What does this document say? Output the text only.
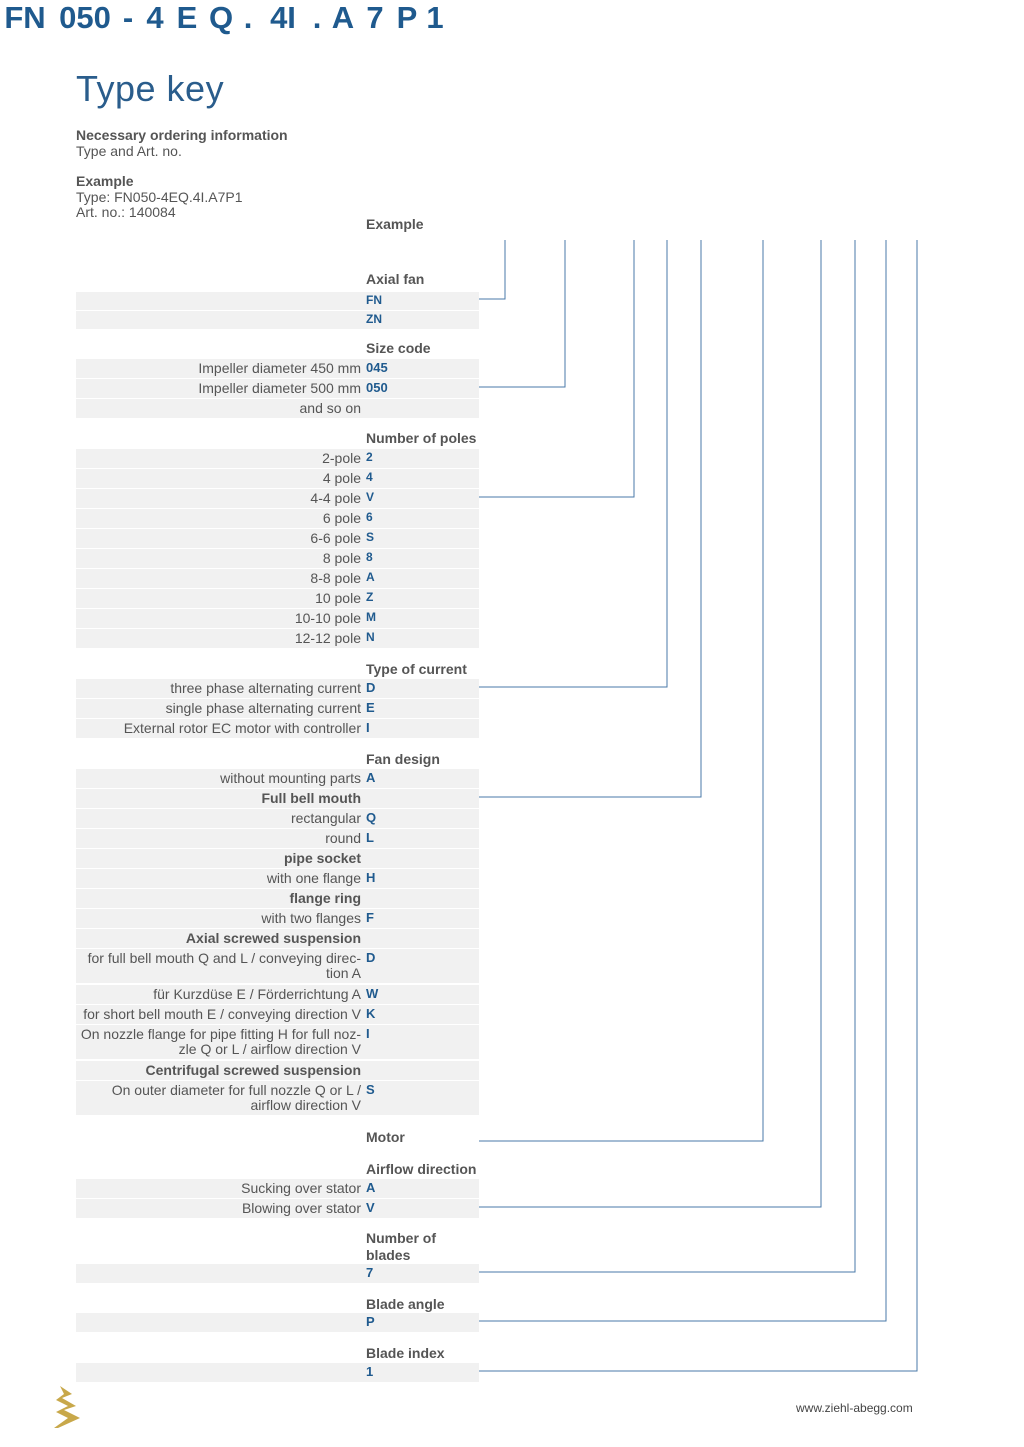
Type key
Necessary ordering information
Type and Art. no.
Example
Type: FN050-4EQ.4I.A7P1
Art. no.: 140084
Example
FN 050 - 4 E Q . 4I . A 7 P 1
Axial fan
FN
ZN
Size code
Impeller diameter 450 mm 045
Impeller diameter 500 mm 050
and so on
Number of poles
2-pole 2
4 pole 4
4-4 pole V
6 pole 6
6-6 pole S
8 pole 8
8-8 pole A
10 pole Z
10-10 pole M
12-12 pole N
Type of current
three phase alternating current D
single phase alternating current E
External rotor EC motor with controller I
Fan design
without mounting parts A
Full bell mouth
rectangular Q
round L
pipe socket
with one flange H
flange ring
with two flanges F
Axial screwed suspension
for full bell mouth Q and L / conveying direc-
tion A
D
für Kurzdüse E / Förderrichtung A W
for short bell mouth E / conveying direction V K
On nozzle flange for pipe fitting H for full noz-
zle Q or L / airflow direction V
I
Centrifugal screwed suspension
On outer diameter for full nozzle Q or L /
airflow direction V
S
Motor
Airflow direction
Sucking over stator A
Blowing over stator V
Number of
blades
7
Blade angle
P
Blade index
1
www.ziehl-abegg.com
